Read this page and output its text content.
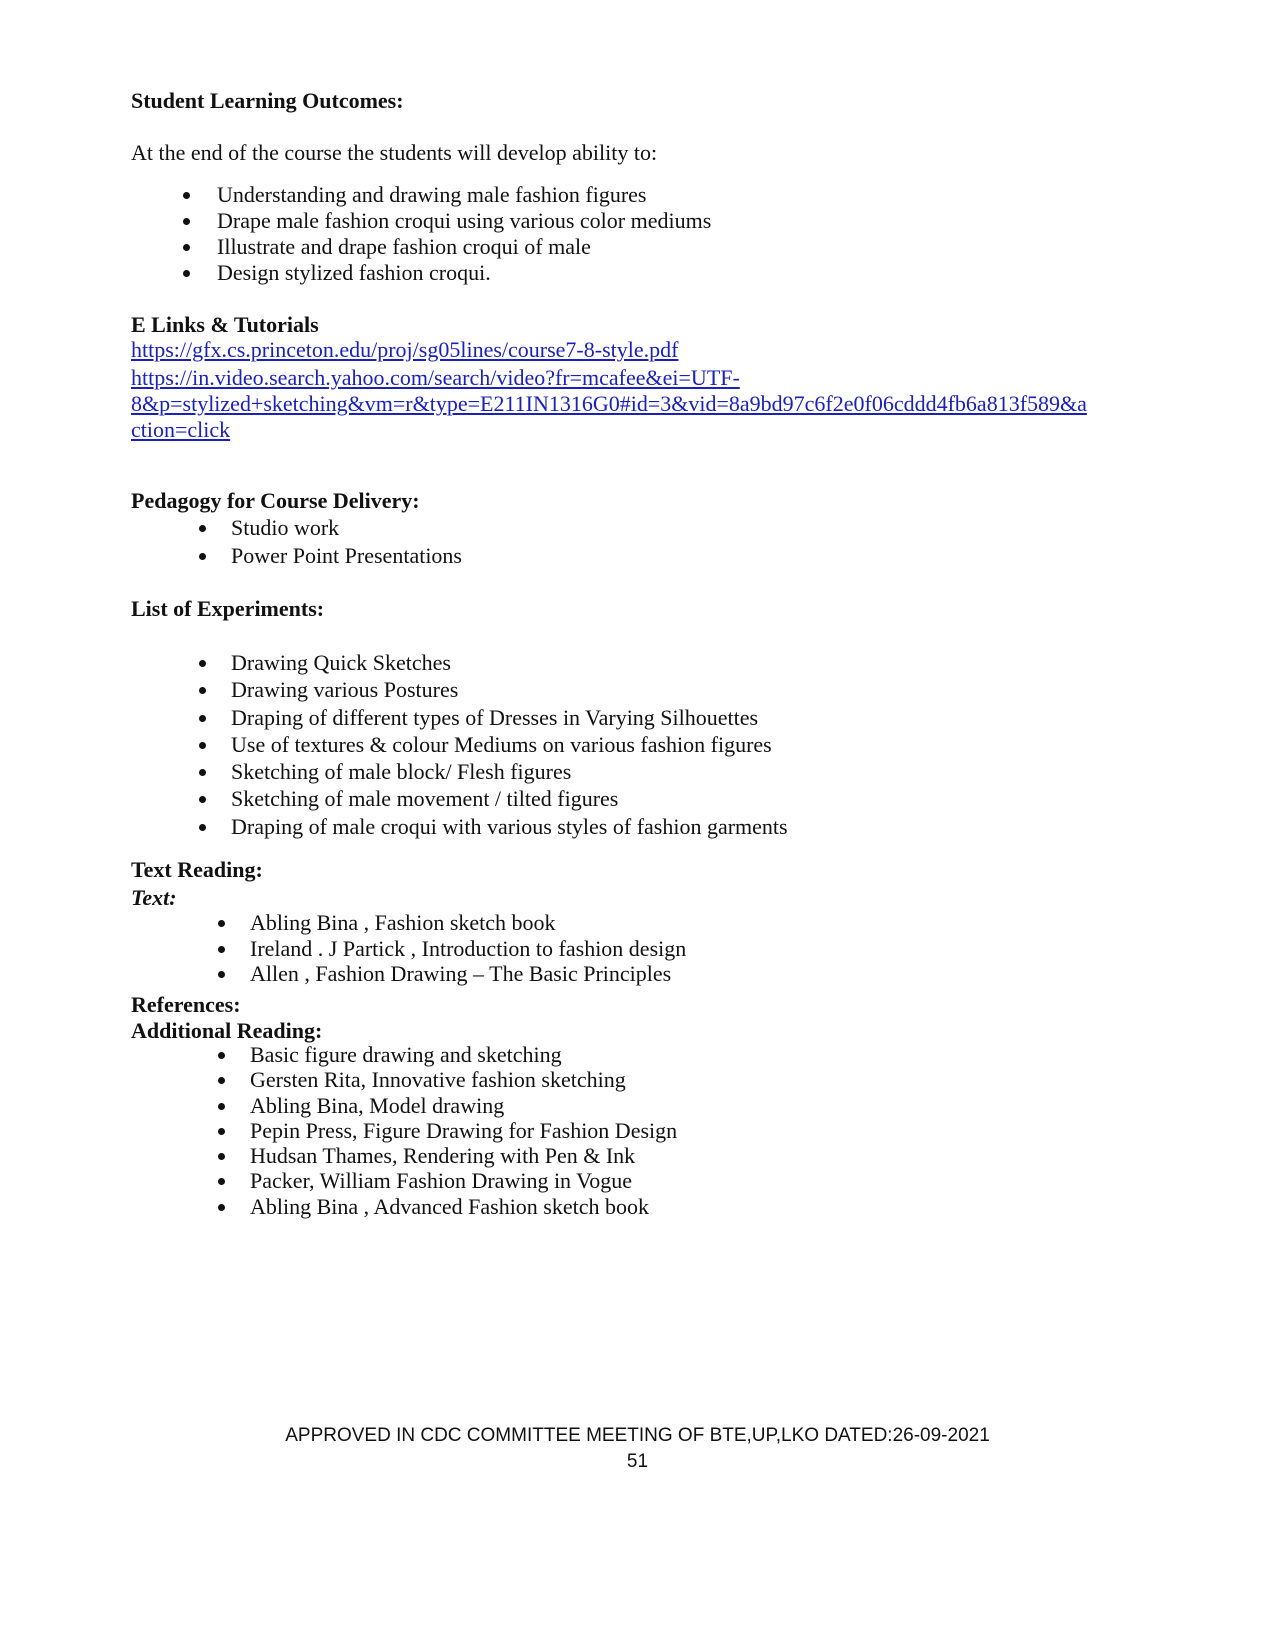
Student Learning Outcomes:
At the end of the course the students will develop ability to:
Understanding and drawing male fashion figures
Drape male fashion croqui using various color mediums
Illustrate and drape fashion croqui of male
Design stylized fashion croqui.
E Links & Tutorials
https://gfx.cs.princeton.edu/proj/sg05lines/course7-8-style.pdf
https://in.video.search.yahoo.com/search/video?fr=mcafee&ei=UTF-
8&p=stylized+sketching&vm=r&type=E211IN1316G0#id=3&vid=8a9bd97c6f2e0f06cddd4fb6a813f589&a
ction=click
Pedagogy for Course Delivery:
Studio work
Power Point Presentations
List of Experiments:
Drawing Quick Sketches
Drawing various Postures
Draping of different types of Dresses in Varying Silhouettes
Use of textures & colour Mediums on various fashion figures
Sketching of male block/ Flesh figures
Sketching of male movement / tilted figures
Draping of male croqui with various styles of fashion garments
Text Reading:
Text:
Abling Bina , Fashion sketch book
Ireland . J Partick , Introduction to fashion design
Allen , Fashion Drawing – The Basic Principles
References:
Additional Reading:
Basic figure drawing and sketching
Gersten Rita, Innovative fashion sketching
Abling Bina, Model drawing
Pepin Press, Figure Drawing for Fashion Design
Hudsan Thames, Rendering with Pen & Ink
Packer, William Fashion Drawing in Vogue
Abling Bina , Advanced Fashion sketch book
APPROVED IN CDC COMMITTEE MEETING OF BTE,UP,LKO DATED:26-09-2021
51
